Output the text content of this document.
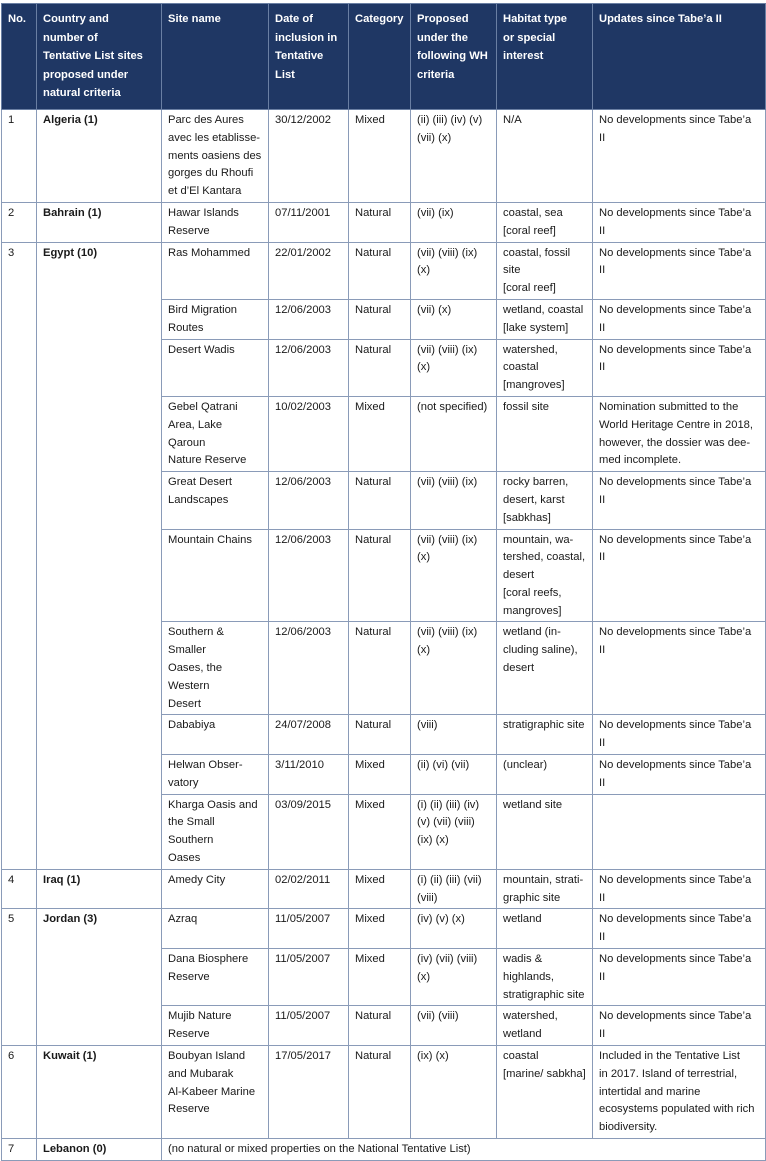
No.	Country and
number of
Tentative List sites
proposed under
natural criteria	Site name	Date of
inclusion in
Tentative
List	Category	Proposed
under the
following WH
criteria	Habitat type
or special
interest	Updates since Tabe’a II
1	Algeria (1)	Parc des Aures
avec les etablisse-
ments oasiens des
gorges du Rhoufi
et d’El Kantara	30/12/2002	Mixed	(ii) (iii) (iv) (v)
(vii) (x)	N/A	No developments since Tabe’a II
2	Bahrain (1)	Hawar Islands
Reserve	07/11/2001	Natural	(vii) (ix)	coastal, sea
[coral reef]	No developments since Tabe’a II
3	Egypt (10)	Ras Mohammed	22/01/2002	Natural	(vii) (viii) (ix) (x)	coastal, fossil
site
[coral reef]	No developments since Tabe’a II
		Bird Migration
Routes	12/06/2003	Natural	(vii) (x)	wetland, coastal
[lake system]	No developments since Tabe’a II
		Desert Wadis	12/06/2003	Natural	(vii) (viii) (ix) (x)	watershed,
coastal
[mangroves]	No developments since Tabe’a II
		Gebel Qatrani
Area, Lake Qaroun
Nature Reserve	10/02/2003	Mixed	(not specified)	fossil site	Nomination submitted to the
World Heritage Centre in 2018,
however, the dossier was dee-
med incomplete.
		Great Desert
Landscapes	12/06/2003	Natural	(vii) (viii) (ix)	rocky barren,
desert, karst
[sabkhas]	No developments since Tabe’a II
		Mountain Chains	12/06/2003	Natural	(vii) (viii) (ix) (x)	mountain, wa-
tershed, coastal,
desert
[coral reefs,
mangroves]	No developments since Tabe’a II
		Southern & Smaller
Oases, the Western
Desert	12/06/2003	Natural	(vii) (viii) (ix) (x)	wetland (in-
cluding saline),
desert	No developments since Tabe’a II
		Dababiya	24/07/2008	Natural	(viii)	stratigraphic site	No developments since Tabe’a II
		Helwan Obser-
vatory	3/11/2010	Mixed	(ii) (vi) (vii)	(unclear)	No developments since Tabe’a II
		Kharga Oasis and
the Small Southern
Oases	03/09/2015	Mixed	(i) (ii) (iii) (iv)
(v) (vii) (viii)
(ix) (x)	wetland site	
4	Iraq (1)	Amedy City	02/02/2011	Mixed	(i) (ii) (iii) (vii)
(viii)	mountain, strati-
graphic site	No developments since Tabe’a II
5	Jordan (3)	Azraq	11/05/2007	Mixed	(iv) (v) (x)	wetland	No developments since Tabe’a II
		Dana Biosphere
Reserve	11/05/2007	Mixed	(iv) (vii) (viii) (x)	wadis &
highlands,
stratigraphic site	No developments since Tabe’a II
		Mujib Nature
Reserve	11/05/2007	Natural	(vii) (viii)	watershed,
wetland	No developments since Tabe’a II
6	Kuwait (1)	Boubyan Island
and Mubarak
Al-Kabeer Marine
Reserve	17/05/2017	Natural	(ix) (x)	coastal
[marine/ sabkha]	Included in the Tentative List
in 2017. Island of terrestrial,
intertidal and marine
ecosystems populated with rich
biodiversity.
7	Lebanon (0)	(no natural or mixed properties on the National Tentative List)					
